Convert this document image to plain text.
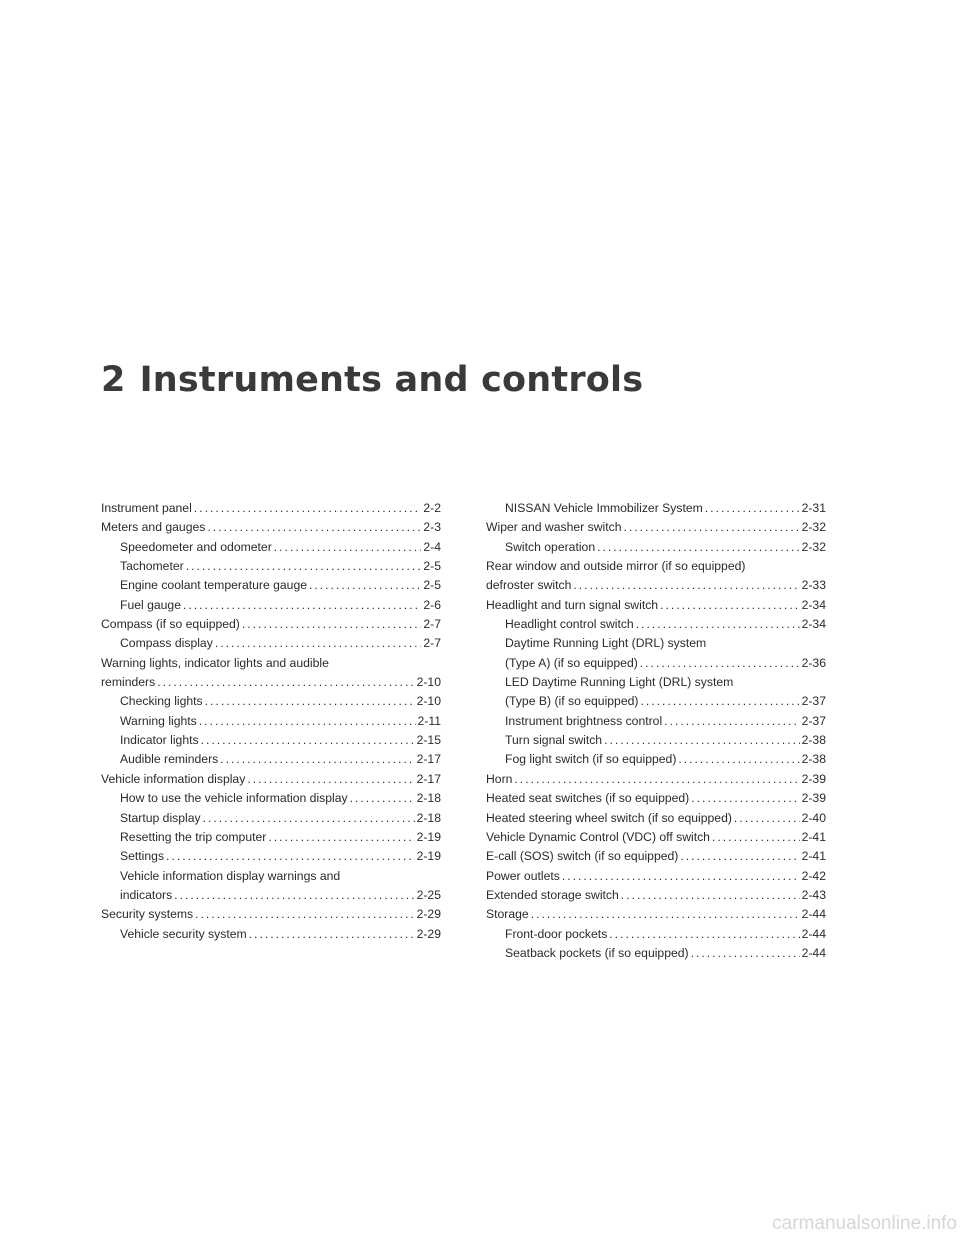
2 Instruments and controls
Instrument panel .....	2-2
Meters and gauges .....	2-3
Speedometer and odometer .....	2-4
Tachometer .....	2-5
Engine coolant temperature gauge .....	2-5
Fuel gauge .....	2-6
Compass (if so equipped) .....	2-7
Compass display .....	2-7
Warning lights, indicator lights and audible
reminders .....	2-10
Checking lights .....	2-10
Warning lights .....	2-11
Indicator lights .....	2-15
Audible reminders .....	2-17
Vehicle information display .....	2-17
How to use the vehicle information display .....	2-18
Startup display .....	2-18
Resetting the trip computer .....	2-19
Settings .....	2-19
Vehicle information display warnings and
indicators .....	2-25
Security systems .....	2-29
Vehicle security system .....	2-29
NISSAN Vehicle Immobilizer System .....	2-31
Wiper and washer switch .....	2-32
Switch operation .....	2-32
Rear window and outside mirror (if so equipped)
defroster switch .....	2-33
Headlight and turn signal switch .....	2-34
Headlight control switch .....	2-34
Daytime Running Light (DRL) system
(Type A) (if so equipped) .....	2-36
LED Daytime Running Light (DRL) system
(Type B) (if so equipped) .....	2-37
Instrument brightness control .....	2-37
Turn signal switch .....	2-38
Fog light switch (if so equipped) .....	2-38
Horn .....	2-39
Heated seat switches (if so equipped) .....	2-39
Heated steering wheel switch (if so equipped) .....	2-40
Vehicle Dynamic Control (VDC) off switch .....	2-41
E-call (SOS) switch (if so equipped) .....	2-41
Power outlets .....	2-42
Extended storage switch .....	2-43
Storage .....	2-44
Front-door pockets .....	2-44
Seatback pockets (if so equipped) .....	2-44
carmanualsonline.info
